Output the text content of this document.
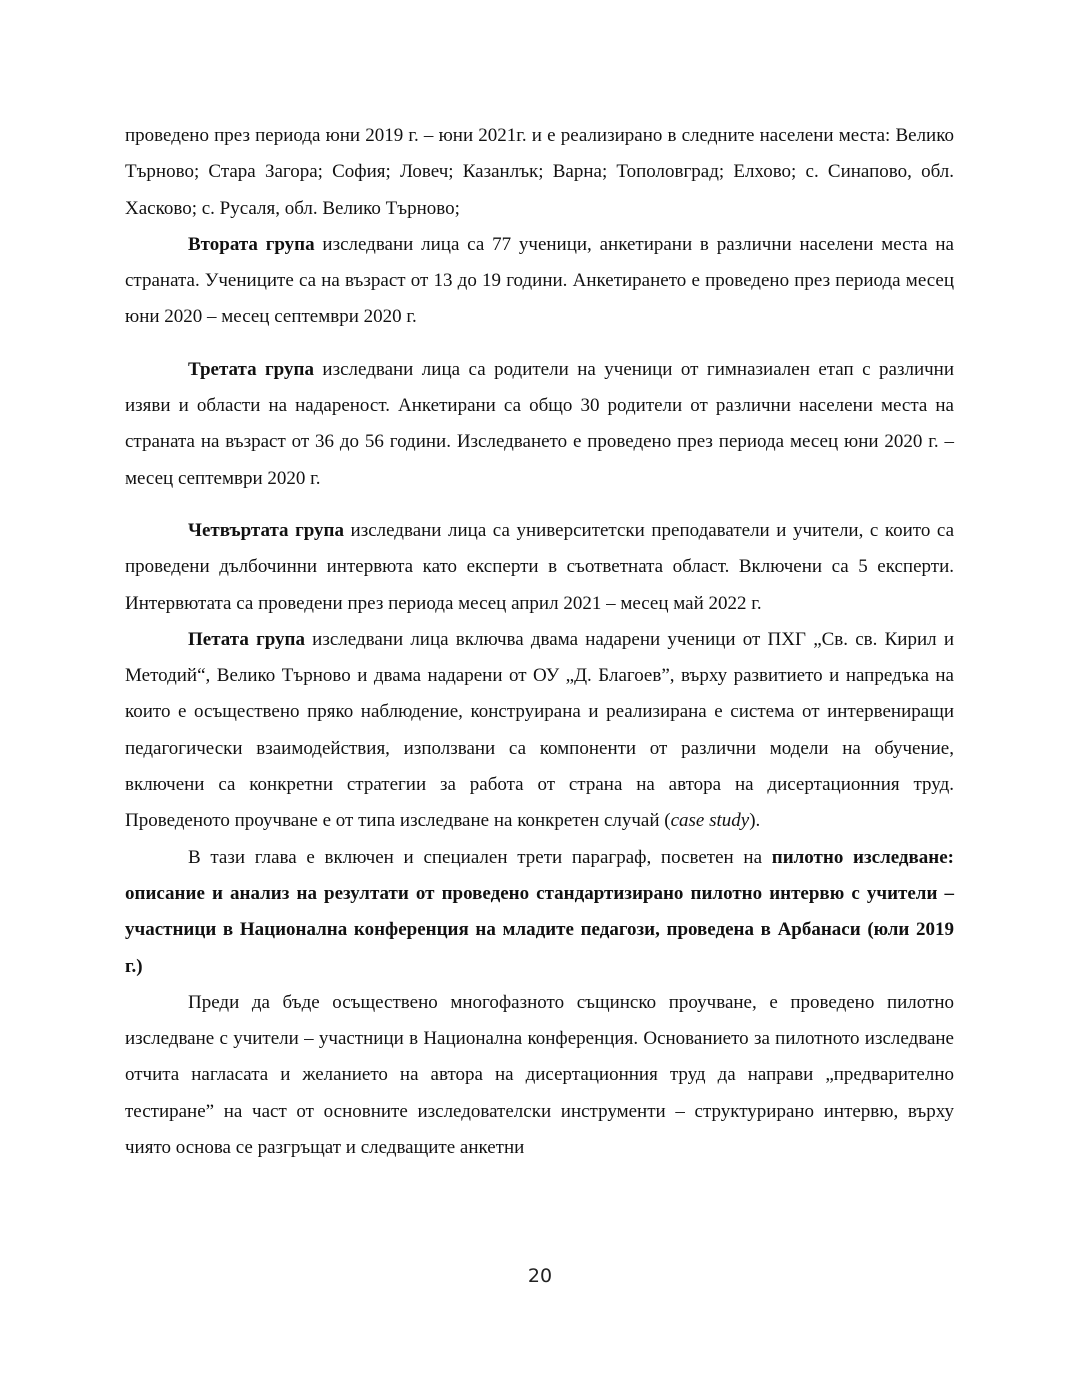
проведено през периода юни 2019 г. – юни 2021г. и е реализирано в следните населени места: Велико Търново; Стара Загора; София; Ловеч; Казанлък; Варна; Тополовград; Елхово; с. Синапово, обл. Хасково; с. Русаля, обл. Велико Търново;

Втората група изследвани лица са 77 ученици, анкетирани в различни населени места на страната. Учениците са на възраст от 13 до 19 години. Анкетирането е проведено през периода месец юни 2020 – месец септември 2020 г.

Третата група изследвани лица са родители на ученици от гимназиален етап с различни изяви и области на надареност. Анкетирани са общо 30 родители от различни населени места на страната на възраст от 36 до 56 години. Изследването е проведено през периода месец юни 2020 г. – месец септември 2020 г.

Четвъртата група изследвани лица са университетски преподаватели и учители, с които са проведени дълбочинни интервюта като експерти в съответната област. Включени са 5 експерти. Интервютата са проведени през периода месец април 2021 – месец май 2022 г.

Петата група изследвани лица включва двама надарени ученици от ПХГ „Св. св. Кирил и Методий“, Велико Търново и двама надарени от ОУ „Д. Благоев”, върху развитието и напредъка на които е осъществено пряко наблюдение, конструирана и реализирана е система от интервениращи педагогически взаимодействия, използвани са компоненти от различни модели на обучение, включени са конкретни стратегии за работа от страна на автора на дисертационния труд. Проведеното проучване е от типа изследване на конкретен случай (case study).

В тази глава е включен и специален трети параграф, посветен на пилотно изследване: описание и анализ на резултати от проведено стандартизирано пилотно интервю с учители – участници в Национална конференция на младите педагози, проведена в Арбанаси (юли 2019 г.)

Преди да бъде осъществено многофазното същинско проучване, е проведено пилотно изследване с учители – участници в Национална конференция. Основанието за пилотното изследване отчита нагласата и желанието на автора на дисертационния труд да направи „предварително тестиране” на част от основните изследователски инструменти – структурирано интервю, върху чиято основа се разгръщат и следващите анкетни

20
